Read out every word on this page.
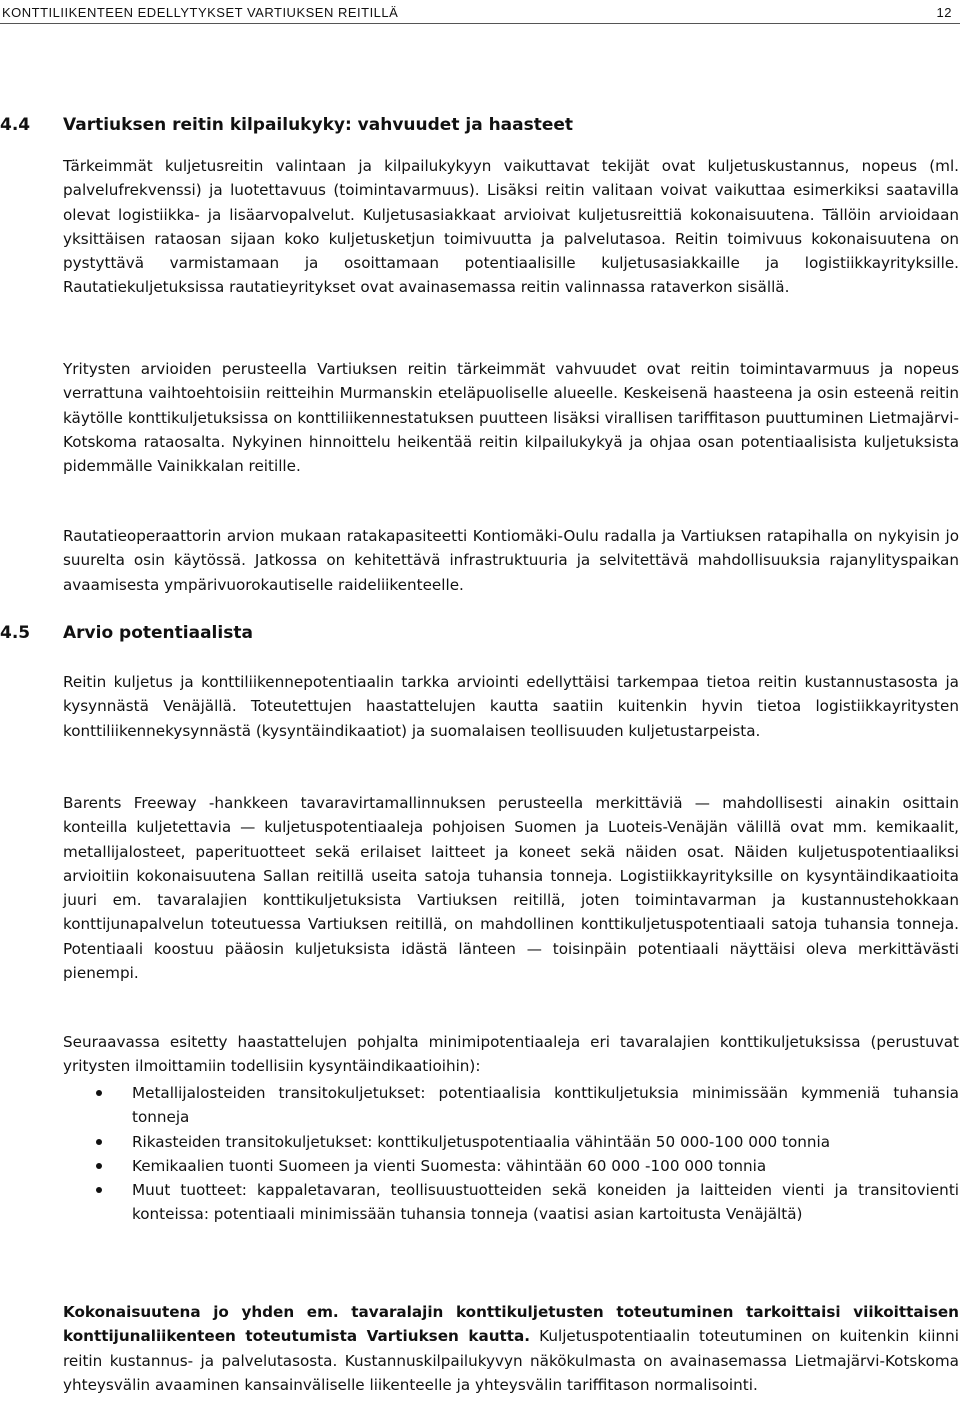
KONTTILIIKENTEEN EDELLYTYKSET VARTIUKSEN REITILLÄ	12
4.4 Vartiuksen reitin kilpailukyky: vahvuudet ja haasteet

Tärkeimmät kuljetusreitin valintaan ja kilpailukykyyn vaikuttavat tekijät ovat kuljetuskustannus, nopeus (ml. palvelufrekvenssi) ja luotettavuus (toimintavarmuus). Lisäksi reitin valitaan voivat vaikuttaa esimerkiksi saatavilla olevat logistiikka- ja lisäarvopalvelut. Kuljetusasiakkaat arvioivat kuljetusreittiä kokonaisuutena. Tällöin arvioidaan yksittäisen rataosan sijaan koko kuljetusketjun toimivuutta ja palvelutasoa. Reitin toimivuus kokonaisuutena on pystyttävä varmistamaan ja osoittamaan potentiaalisille kuljetusasiakkaille ja logistiikkayrityksille. Rautatiekuljetuksissa rautatieyritykset ovat avainasemassa reitin valinnassa rataverkon sisällä.

Yritysten arvioiden perusteella Vartiuksen reitin tärkeimmät vahvuudet ovat reitin toimintavarmuus ja nopeus verrattuna vaihtoehtoisiin reitteihin Murmanskin eteläpuoliselle alueelle. Keskeisenä haasteena ja osin esteenä reitin käytölle konttikuljetuksissa on konttiliikennestatuksen puutteen lisäksi virallisen tariffitason puuttuminen Lietmajärvi-Kotskoma rataosalta. Nykyinen hinnoittelu heikentää reitin kilpailukykyä ja ohjaa osan potentiaalisista kuljetuksista pidemmälle Vainikkalan reitille.

Rautatieoperaattorin arvion mukaan ratakapasiteetti Kontiomäki-Oulu radalla ja Vartiuksen ratapihalla on nykyisin jo suurelta osin käytössä. Jatkossa on kehitettävä infrastruktuuria ja selvitettävä mahdollisuuksia rajanylityspaikan avaamisesta ympärivuorokautiselle raideliikenteelle.

4.5 Arvio potentiaalista

Reitin kuljetus ja konttiliikennepotentiaalin tarkka arviointi edellyttäisi tarkempaa tietoa reitin kustannustasosta ja kysynnästä Venäjällä. Toteutettujen haastattelujen kautta saatiin kuitenkin hyvin tietoa logistiikkayritysten konttiliikennekysynnästä (kysyntäindikaatiot) ja suomalaisen teollisuuden kuljetustarpeista.

Barents Freeway -hankkeen tavaravirtamallinnuksen perusteella merkittäviä — mahdollisesti ainakin osittain konteilla kuljetettavia — kuljetuspotentiaaleja pohjoisen Suomen ja Luoteis-Venäjän välillä ovat mm. kemikaalit, metallijalosteet, paperituotteet sekä erilaiset laitteet ja koneet sekä näiden osat. Näiden kuljetuspotentiaaliksi arvioitiin kokonaisuutena Sallan reitillä useita satoja tuhansia tonneja. Logistiikkayrityksille on kysyntäindikaatioita juuri em. tavaralajien konttikuljetuksista Vartiuksen reitillä, joten toimintavarman ja kustannustehokkaan konttijunapalvelun toteutuessa Vartiuksen reitillä, on mahdollinen konttikuljetuspotentiaali satoja tuhansia tonneja. Potentiaali koostuu pääosin kuljetuksista idästä länteen — toisinpäin potentiaali näyttäisi oleva merkittävästi pienempi.

Seuraavassa esitetty haastattelujen pohjalta minimipotentiaaleja eri tavaralajien konttikuljetuksissa (perustuvat yritysten ilmoittamiin todellisiin kysyntäindikaatioihin):

Metallijalosteiden transitokuljetukset: potentiaalisia konttikuljetuksia minimissään kymmeniä tuhansia tonneja
Rikasteiden transitokuljetukset: konttikuljetuspotentiaalia vähintään 50 000-100 000 tonnia
Kemikaalien tuonti Suomeen ja vienti Suomesta: vähintään 60 000 -100 000 tonnia
Muut tuotteet: kappaletavaran, teollisuustuotteiden sekä koneiden ja laitteiden vienti ja transitovienti konteissa: potentiaali minimissään tuhansia tonneja (vaatisi asian kartoitusta Venäjältä)

Kokonaisuutena jo yhden em. tavaralajin konttikuljetusten toteutuminen tarkoittaisi viikoittaisen konttijunaliikenteen toteutumista Vartiuksen kautta. Kuljetuspotentiaalin toteutuminen on kuitenkin kiinni reitin kustannus- ja palvelutasosta. Kustannuskilpailukyvyn näkökulmasta on avainasemassa Lietmajärvi-Kotskoma yhteysvälin avaaminen kansainväliselle liikenteelle ja yhteysvälin tariffitason normalisointi.
